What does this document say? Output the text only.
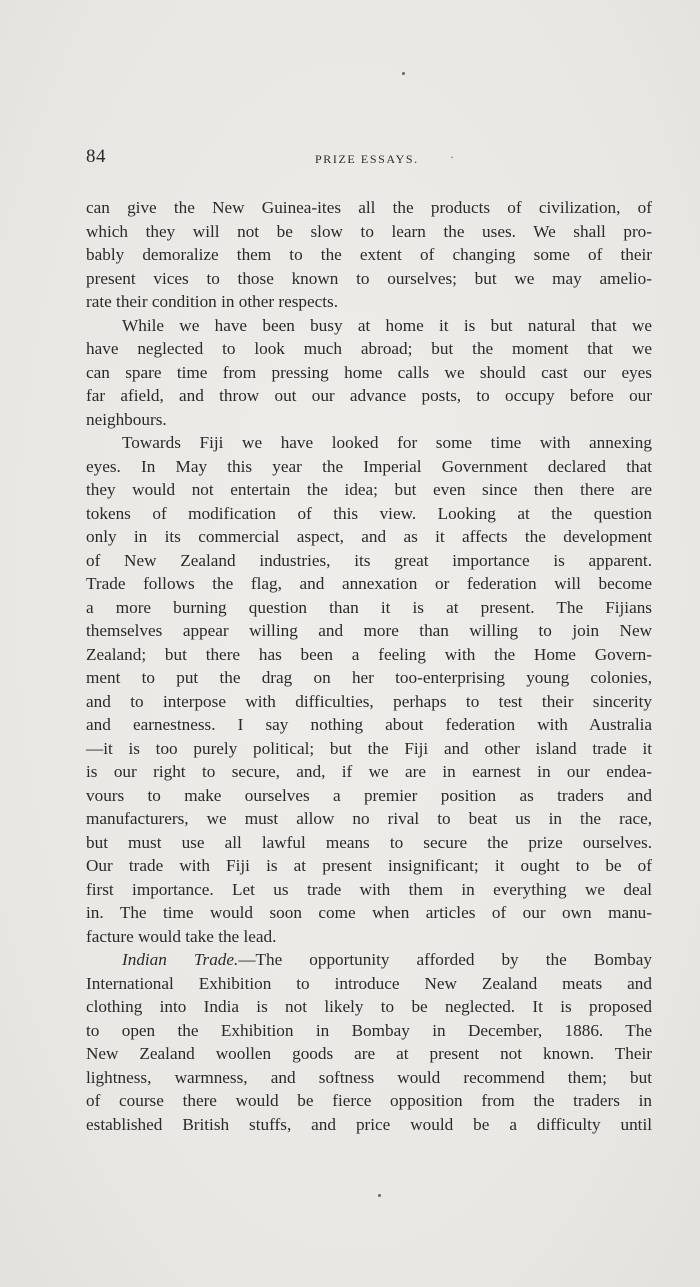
84	PRIZE ESSAYS.	·
can give the New Guinea-ites all the products of civilization, of
which they will not be slow to learn the uses. We shall pro-
bably demoralize them to the extent of changing some of their
present vices to those known to ourselves; but we may amelio-
rate their condition in other respects.
While we have been busy at home it is but natural that we
have neglected to look much abroad; but the moment that we
can spare time from pressing home calls we should cast our eyes
far afield, and throw out our advance posts, to occupy before our
neighbours.
Towards Fiji we have looked for some time with annexing
eyes. In May this year the Imperial Government declared that
they would not entertain the idea; but even since then there are
tokens of modification of this view. Looking at the question
only in its commercial aspect, and as it affects the development
of New Zealand industries, its great importance is apparent.
Trade follows the flag, and annexation or federation will become
a more burning question than it is at present. The Fijians
themselves appear willing and more than willing to join New
Zealand; but there has been a feeling with the Home Govern-
ment to put the drag on her too-enterprising young colonies,
and to interpose with difficulties, perhaps to test their sincerity
and earnestness. I say nothing about federation with Australia
—it is too purely political; but the Fiji and other island trade it
is our right to secure, and, if we are in earnest in our endea-
vours to make ourselves a premier position as traders and
manufacturers, we must allow no rival to beat us in the race,
but must use all lawful means to secure the prize ourselves.
Our trade with Fiji is at present insignificant; it ought to be of
first importance. Let us trade with them in everything we deal
in. The time would soon come when articles of our own manu-
facture would take the lead.
Indian Trade.—The opportunity afforded by the Bombay
International Exhibition to introduce New Zealand meats and
clothing into India is not likely to be neglected. It is proposed
to open the Exhibition in Bombay in December, 1886. The
New Zealand woollen goods are at present not known. Their
lightness, warmness, and softness would recommend them; but
of course there would be fierce opposition from the traders in
established British stuffs, and price would be a difficulty until
